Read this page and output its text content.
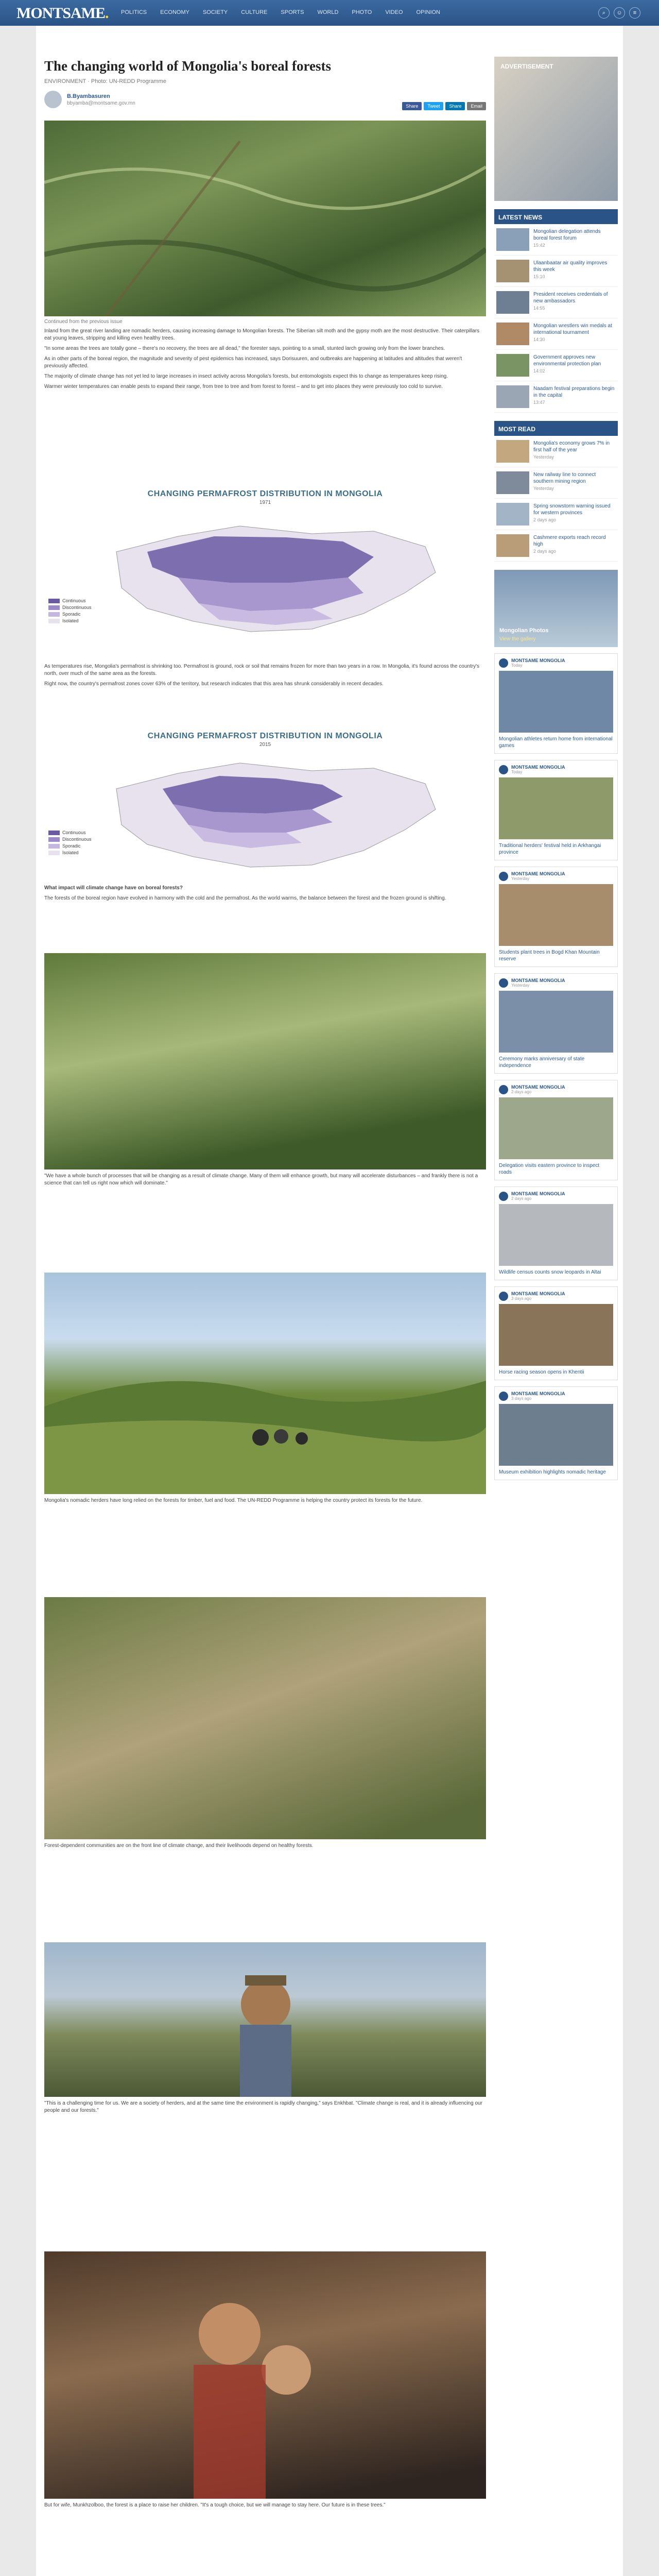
MONTSAME. POLITICS ECONOMY SOCIETY CULTURE SPORTS WORLD PHOTO VIDEO OPINION	⌕	☺	≡
The changing world of Mongolia's boreal forests
ENVIRONMENT · Photo: UN-REDD Programme
B.Byambasuren
bbyamba@montsame.gov.mn
Share	Tweet	Share	Email
Continued from the previous issue

Inland from the great river landing are nomadic herders, causing increasing damage to Mongolian forests. The Siberian silt moth and the gypsy moth are the most destructive. Their caterpillars eat young leaves, stripping and killing even healthy trees.

"In some areas the trees are totally gone – there's no recovery, the trees are all dead," the forester says, pointing to a small, stunted larch growing only from the lower branches.

As in other parts of the boreal region, the magnitude and severity of pest epidemics has increased, says Dorisuuren, and outbreaks are happening at latitudes and altitudes that weren't previously affected.

The majority of climate change has not yet led to large increases in insect activity across Mongolia's forests, but entomologists expect this to change as temperatures keep rising.

Warmer winter temperatures can enable pests to expand their range, from tree to tree and from forest to forest – and to get into places they were previously too cold to survive.

CHANGING PERMAFROST DISTRIBUTION IN MONGOLIA
1971
Continuous
Discontinuous
Sporadic
Isolated

As temperatures rise, Mongolia's permafrost is shrinking too. Permafrost is ground, rock or soil that remains frozen for more than two years in a row. In Mongolia, it's found across the country's north, over much of the same area as the forests.

Right now, the country's permafrost zones cover 63% of the territory, but research indicates that this area has shrunk considerably in recent decades.

CHANGING PERMAFROST DISTRIBUTION IN MONGOLIA
2015
Continuous
Discontinuous
Sporadic
Isolated

What impact will climate change have on boreal forests?

The forests of the boreal region have evolved in harmony with the cold and the permafrost. As the world warms, the balance between the forest and the frozen ground is shifting.

"We have a whole bunch of processes that will be changing as a result of climate change. Many of them will enhance growth, but many will accelerate disturbances – and frankly there is not a science that can tell us right now which will dominate."

Mongolia's nomadic herders have long relied on the forests for timber, fuel and food. The UN-REDD Programme is helping the country protect its forests for the future.

Forest-dependent communities are on the front line of climate change, and their livelihoods depend on healthy forests.

"This is a challenging time for us. We are a society of herders, and at the same time the environment is rapidly changing," says Enkhbat. "Climate change is real, and it is already influencing our people and our forests."

But for wife, Munkhzolboo, the forest is a place to raise her children. "It's a tough choice, but we will manage to stay here. Our future is in these trees."

ADVERTISEMENT
LATEST NEWS
Mongolian delegation attends boreal forest forum
15:42
Ulaanbaatar air quality improves this week
15:10
President receives credentials of new ambassadors
14:55
Mongolian wrestlers win medals at international tournament
14:30
Government approves new environmental protection plan
14:02
Naadam festival preparations begin in the capital
13:47
MOST READ
Mongolia's economy grows 7% in first half of the year
Yesterday
New railway line to connect southern mining region
Yesterday
Spring snowstorm warning issued for western provinces
2 days ago
Cashmere exports reach record high
2 days ago
Mongolian Photos
View the gallery
MONTSAME MONGOLIA
Today
Mongolian athletes return home from international games
MONTSAME MONGOLIA
Today
Traditional herders' festival held in Arkhangai province
MONTSAME MONGOLIA
Yesterday
Students plant trees in Bogd Khan Mountain reserve
MONTSAME MONGOLIA
Yesterday
Ceremony marks anniversary of state independence
MONTSAME MONGOLIA
2 days ago
Delegation visits eastern province to inspect roads
MONTSAME MONGOLIA
2 days ago
Wildlife census counts snow leopards in Altai
MONTSAME MONGOLIA
3 days ago
Horse racing season opens in Khentii
MONTSAME MONGOLIA
3 days ago
Museum exhibition highlights nomadic heritage
